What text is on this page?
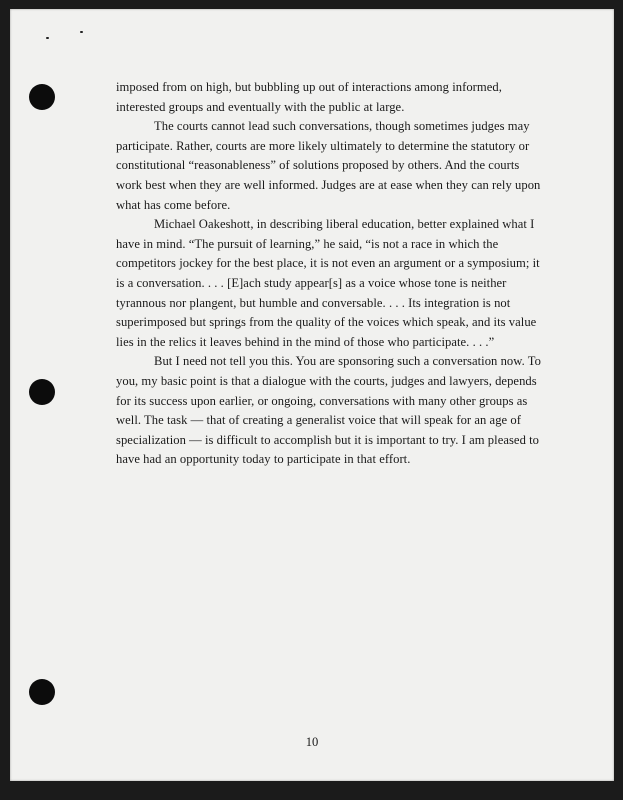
imposed from on high, but bubbling up out of interactions among informed, interested groups and eventually with the public at large.

The courts cannot lead such conversations, though sometimes judges may participate. Rather, courts are more likely ultimately to determine the statutory or constitutional “reasonableness” of solutions proposed by others. And the courts work best when they are well informed. Judges are at ease when they can rely upon what has come before.

Michael Oakeshott, in describing liberal education, better explained what I have in mind. “The pursuit of learning,” he said, “is not a race in which the competitors jockey for the best place, it is not even an argument or a symposium; it is a conversation. . . . [E]ach study appear[s] as a voice whose tone is neither tyrannous nor plangent, but humble and conversable. . . . Its integration is not superimposed but springs from the quality of the voices which speak, and its value lies in the relics it leaves behind in the mind of those who participate. . . .”

But I need not tell you this. You are sponsoring such a conversation now. To you, my basic point is that a dialogue with the courts, judges and lawyers, depends for its success upon earlier, or ongoing, conversations with many other groups as well. The task — that of creating a generalist voice that will speak for an age of specialization — is difficult to accomplish but it is important to try. I am pleased to have had an opportunity today to participate in that effort.

10
